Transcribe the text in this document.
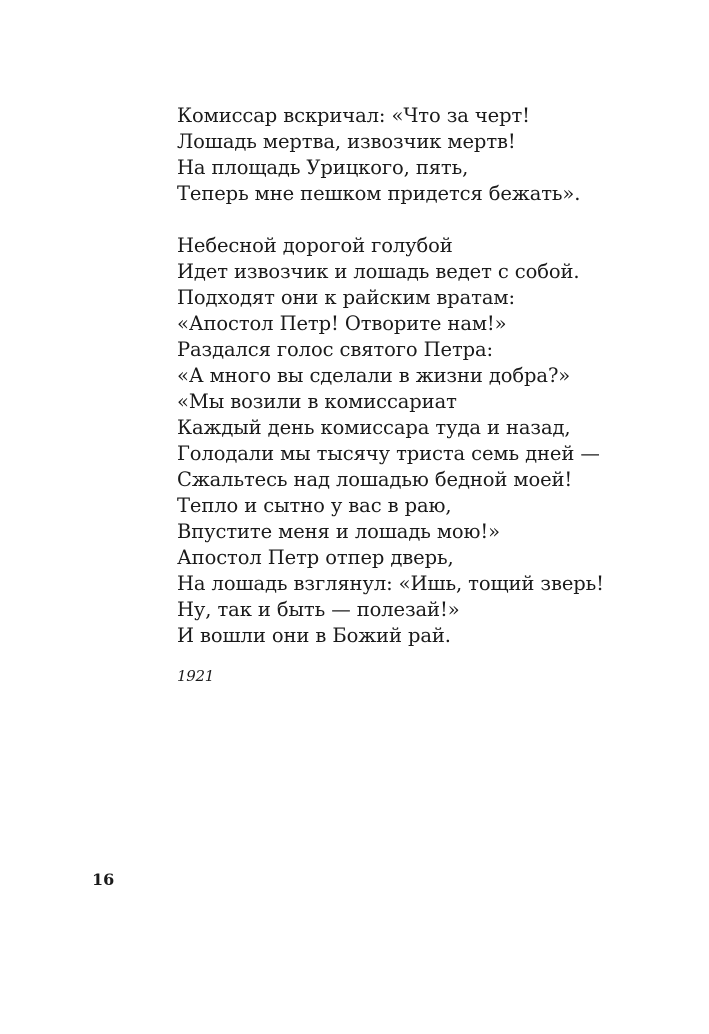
Комиссар вскричал: «Что за черт!
Лошадь мертва, извозчик мертв!
На площадь Урицкого, пять,
Теперь мне пешком придется бежать».
Небесной дорогой голубой
Идет извозчик и лошадь ведет с собой.
Подходят они к райским вратам:
«Апостол Петр! Отворите нам!»
Раздался голос святого Петра:
«А много вы сделали в жизни добра?»
«Мы возили в комиссариат
Каждый день комиссара туда и назад,
Голодали мы тысячу триста семь дней —
Сжальтесь над лошадью бедной моей!
Тепло и сытно у вас в раю,
Впустите меня и лошадь мою!»
Апостол Петр отпер дверь,
На лошадь взглянул: «Ишь, тощий зверь!
Ну, так и быть — полезай!»
И вошли они в Божий рай.
1921
16
